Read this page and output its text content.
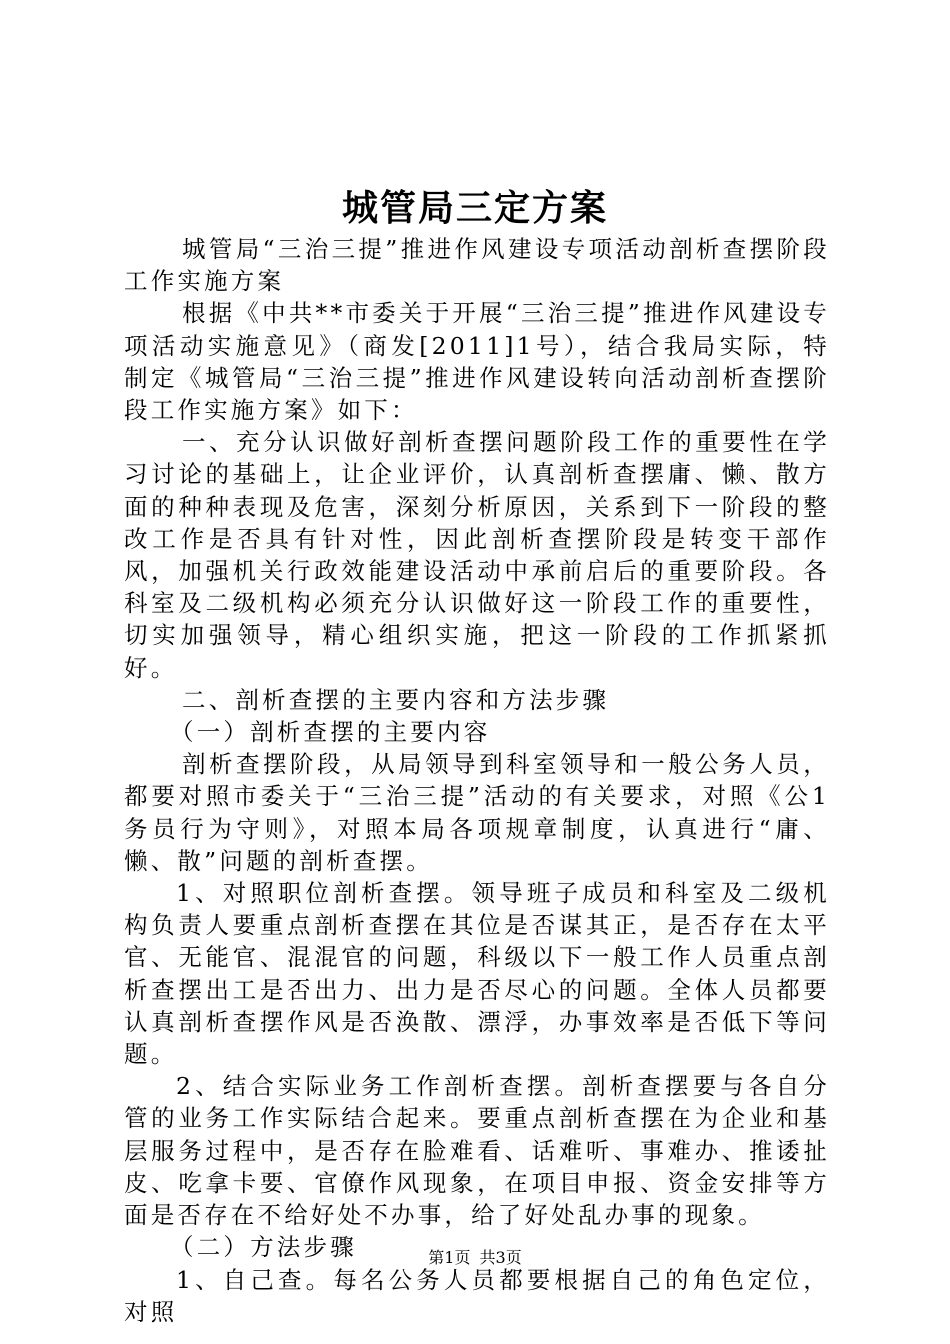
城管局三定方案

城管局“三治三提”推进作风建设专项活动剖析查摆阶段工作实施方案

根据《中共**市委关于开展“三治三提”推进作风建设专项活动实施意见》（商发[2011]1号），结合我局实际，特制定《城管局“三治三提”推进作风建设转向活动剖析查摆阶段工作实施方案》如下：

一、充分认识做好剖析查摆问题阶段工作的重要性在学习讨论的基础上，让企业评价，认真剖析查摆庸、懒、散方面的种种表现及危害，深刻分析原因，关系到下一阶段的整改工作是否具有针对性，因此剖析查摆阶段是转变干部作风，加强机关行政效能建设活动中承前启后的重要阶段。各科室及二级机构必须充分认识做好这一阶段工作的重要性，切实加强领导，精心组织实施，把这一阶段的工作抓紧抓好。

二、剖析查摆的主要内容和方法步骤

（一）剖析查摆的主要内容

剖析查摆阶段，从局领导到科室领导和一般公务人员，都要对照市委关于“三治三提”活动的有关要求，对照《公1务员行为守则》，对照本局各项规章制度，认真进行“庸、懒、散”问题的剖析查摆。

1、对照职位剖析查摆。领导班子成员和科室及二级机构负责人要重点剖析查摆在其位是否谋其正，是否存在太平官、无能官、混混官的问题，科级以下一般工作人员重点剖析查摆出工是否出力、出力是否尽心的问题。全体人员都要认真剖析查摆作风是否涣散、漂浮，办事效率是否低下等问题。

2、结合实际业务工作剖析查摆。剖析查摆要与各自分管的业务工作实际结合起来。要重点剖析查摆在为企业和基层服务过程中，是否存在脸难看、话难听、事难办、推诿扯皮、吃拿卡要、官僚作风现象，在项目申报、资金安排等方面是否存在不给好处不办事，给了好处乱办事的现象。

（二）方法步骤

1、自己查。每名公务人员都要根据自己的角色定位，对照

第1页 共3页
